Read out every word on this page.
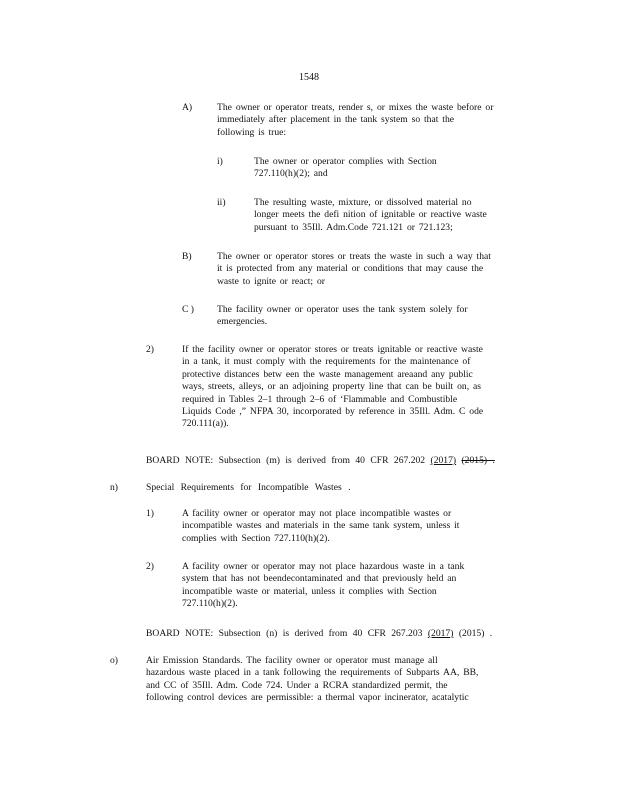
1548
A)	The owner or operator treats, render s, or mixes the waste before or
immediately after placement in the tank system so that the
following is true:
i)	The owner or operator complies with Section
727.110(h)(2); and
ii)	The resulting waste, mixture, or dissolved material no
longer meets the defi nition of ignitable or reactive waste
pursuant to 35Ill. Adm.Code 721.121 or 721.123;
B)	The owner or operator stores or treats the waste in such a way that
it is protected from any material or conditions that may cause the
waste to ignite or react; or
C ) The facility owner or operator uses the tank system solely for
emergencies.
2)	If the facility owner or operator stores or treats ignitable or reactive waste
in a tank, it must comply with the requirements for the maintenance of
protective distances betw een the waste management areaand any public
ways, streets, alleys, or an adjoining property line that can be built on, as
required in Tables 2–1 through 2–6 of ‘Flammable and Combustible
Liquids Code ,” NFPA 30, incorporated by reference in 35Ill. Adm. C ode
720.111(a)).
BOARD NOTE: Subsection (m) is derived from 40 CFR 267.202 (2017) (2015) .
n)	Special Requirements for Incompatible Wastes .
1)	A facility owner or operator may not place incompatible wastes or
incompatible wastes and materials in the same tank system, unless it
complies with Section 727.110(h)(2).
2)	A facility owner or operator may not place hazardous waste in a tank
system that has not beendecontaminated and that previously held an
incompatible waste or material, unless it complies with Section
727.110(h)(2).
BOARD NOTE: Subsection (n) is derived from 40 CFR 267.203 (2017) (2015) .
o)	Air Emission Standards. The facility owner or operator must manage all
hazardous waste placed in a tank following the requirements of Subparts AA, BB,
and CC of 35Ill. Adm. Code 724. Under a RCRA standardized permit, the
following control devices are permissible: a thermal vapor incinerator, acatalytic
